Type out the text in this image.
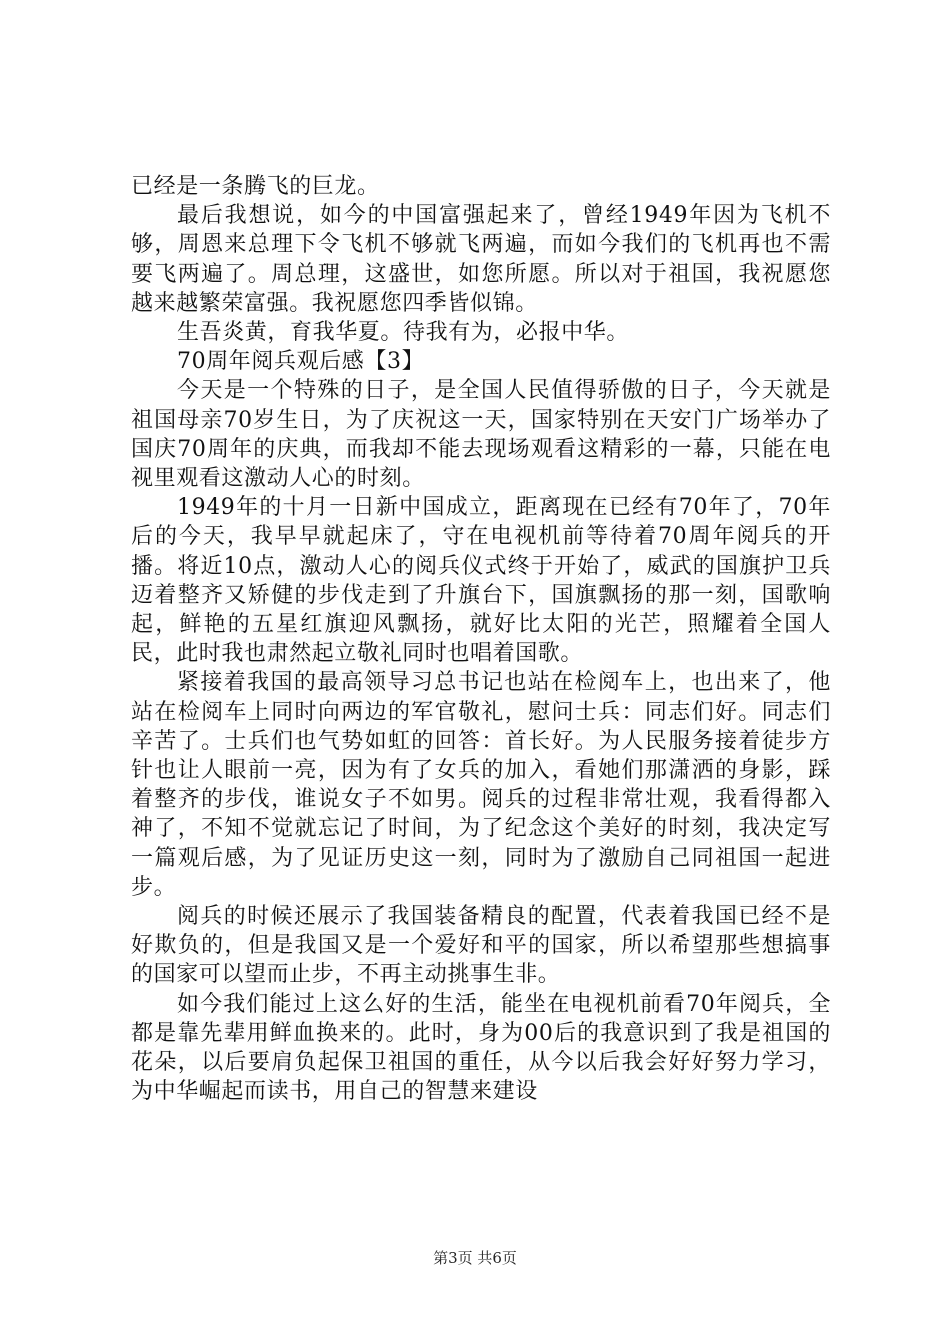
已经是一条腾飞的巨龙。

最后我想说，如今的中国富强起来了，曾经1949年因为飞机不够，周恩来总理下令飞机不够就飞两遍，而如今我们的飞机再也不需要飞两遍了。周总理，这盛世，如您所愿。所以对于祖国，我祝愿您越来越繁荣富强。我祝愿您四季皆似锦。

生吾炎黄，育我华夏。待我有为，必报中华。

70周年阅兵观后感【3】

今天是一个特殊的日子，是全国人民值得骄傲的日子，今天就是祖国母亲70岁生日，为了庆祝这一天，国家特别在天安门广场举办了国庆70周年的庆典，而我却不能去现场观看这精彩的一幕，只能在电视里观看这激动人心的时刻。

1949年的十月一日新中国成立，距离现在已经有70年了，70年后的今天，我早早就起床了，守在电视机前等待着70周年阅兵的开播。将近10点，激动人心的阅兵仪式终于开始了，威武的国旗护卫兵迈着整齐又矫健的步伐走到了升旗台下，国旗飘扬的那一刻，国歌响起，鲜艳的五星红旗迎风飘扬，就好比太阳的光芒，照耀着全国人民，此时我也肃然起立敬礼同时也唱着国歌。

紧接着我国的最高领导习总书记也站在检阅车上，也出来了，他站在检阅车上同时向两边的军官敬礼，慰问士兵：同志们好。同志们辛苦了。士兵们也气势如虹的回答：首长好。为人民服务接着徒步方针也让人眼前一亮，因为有了女兵的加入，看她们那潇洒的身影，踩着整齐的步伐，谁说女子不如男。阅兵的过程非常壮观，我看得都入神了，不知不觉就忘记了时间，为了纪念这个美好的时刻，我决定写一篇观后感，为了见证历史这一刻，同时为了激励自己同祖国一起进步。

阅兵的时候还展示了我国装备精良的配置，代表着我国已经不是好欺负的，但是我国又是一个爱好和平的国家，所以希望那些想搞事的国家可以望而止步，不再主动挑事生非。

如今我们能过上这么好的生活，能坐在电视机前看70年阅兵，全都是靠先辈用鲜血换来的。此时，身为00后的我意识到了我是祖国的花朵，以后要肩负起保卫祖国的重任，从今以后我会好好努力学习，为中华崛起而读书，用自己的智慧来建设

第3页 共6页
